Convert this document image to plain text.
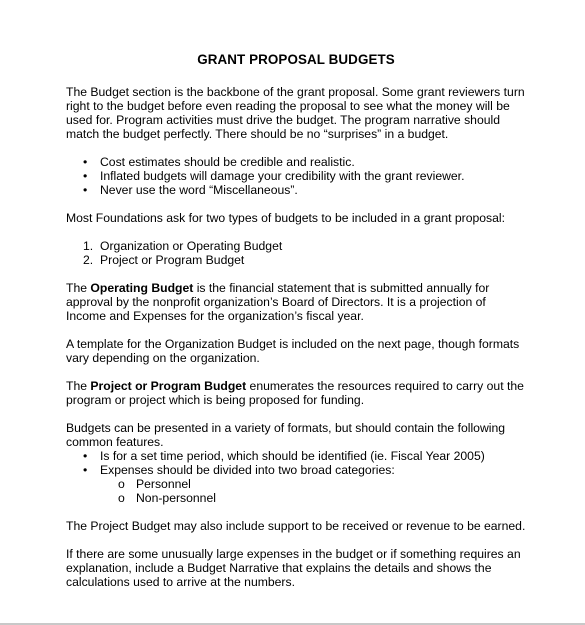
GRANT PROPOSAL BUDGETS

The Budget section is the backbone of the grant proposal. Some grant reviewers turn right to the budget before even reading the proposal to see what the money will be used for. Program activities must drive the budget. The program narrative should match the budget perfectly. There should be no “surprises” in a budget.

• Cost estimates should be credible and realistic.
• Inflated budgets will damage your credibility with the grant reviewer.
• Never use the word “Miscellaneous”.

Most Foundations ask for two types of budgets to be included in a grant proposal:

1. Organization or Operating Budget
2. Project or Program Budget

The Operating Budget is the financial statement that is submitted annually for approval by the nonprofit organization’s Board of Directors. It is a projection of Income and Expenses for the organization’s fiscal year.

A template for the Organization Budget is included on the next page, though formats vary depending on the organization.

The Project or Program Budget enumerates the resources required to carry out the program or project which is being proposed for funding.

Budgets can be presented in a variety of formats, but should contain the following common features.

• Is for a set time period, which should be identified (ie. Fiscal Year 2005)
• Expenses should be divided into two broad categories:
o Personnel
o Non-personnel

The Project Budget may also include support to be received or revenue to be earned.

If there are some unusually large expenses in the budget or if something requires an explanation, include a Budget Narrative that explains the details and shows the calculations used to arrive at the numbers.
